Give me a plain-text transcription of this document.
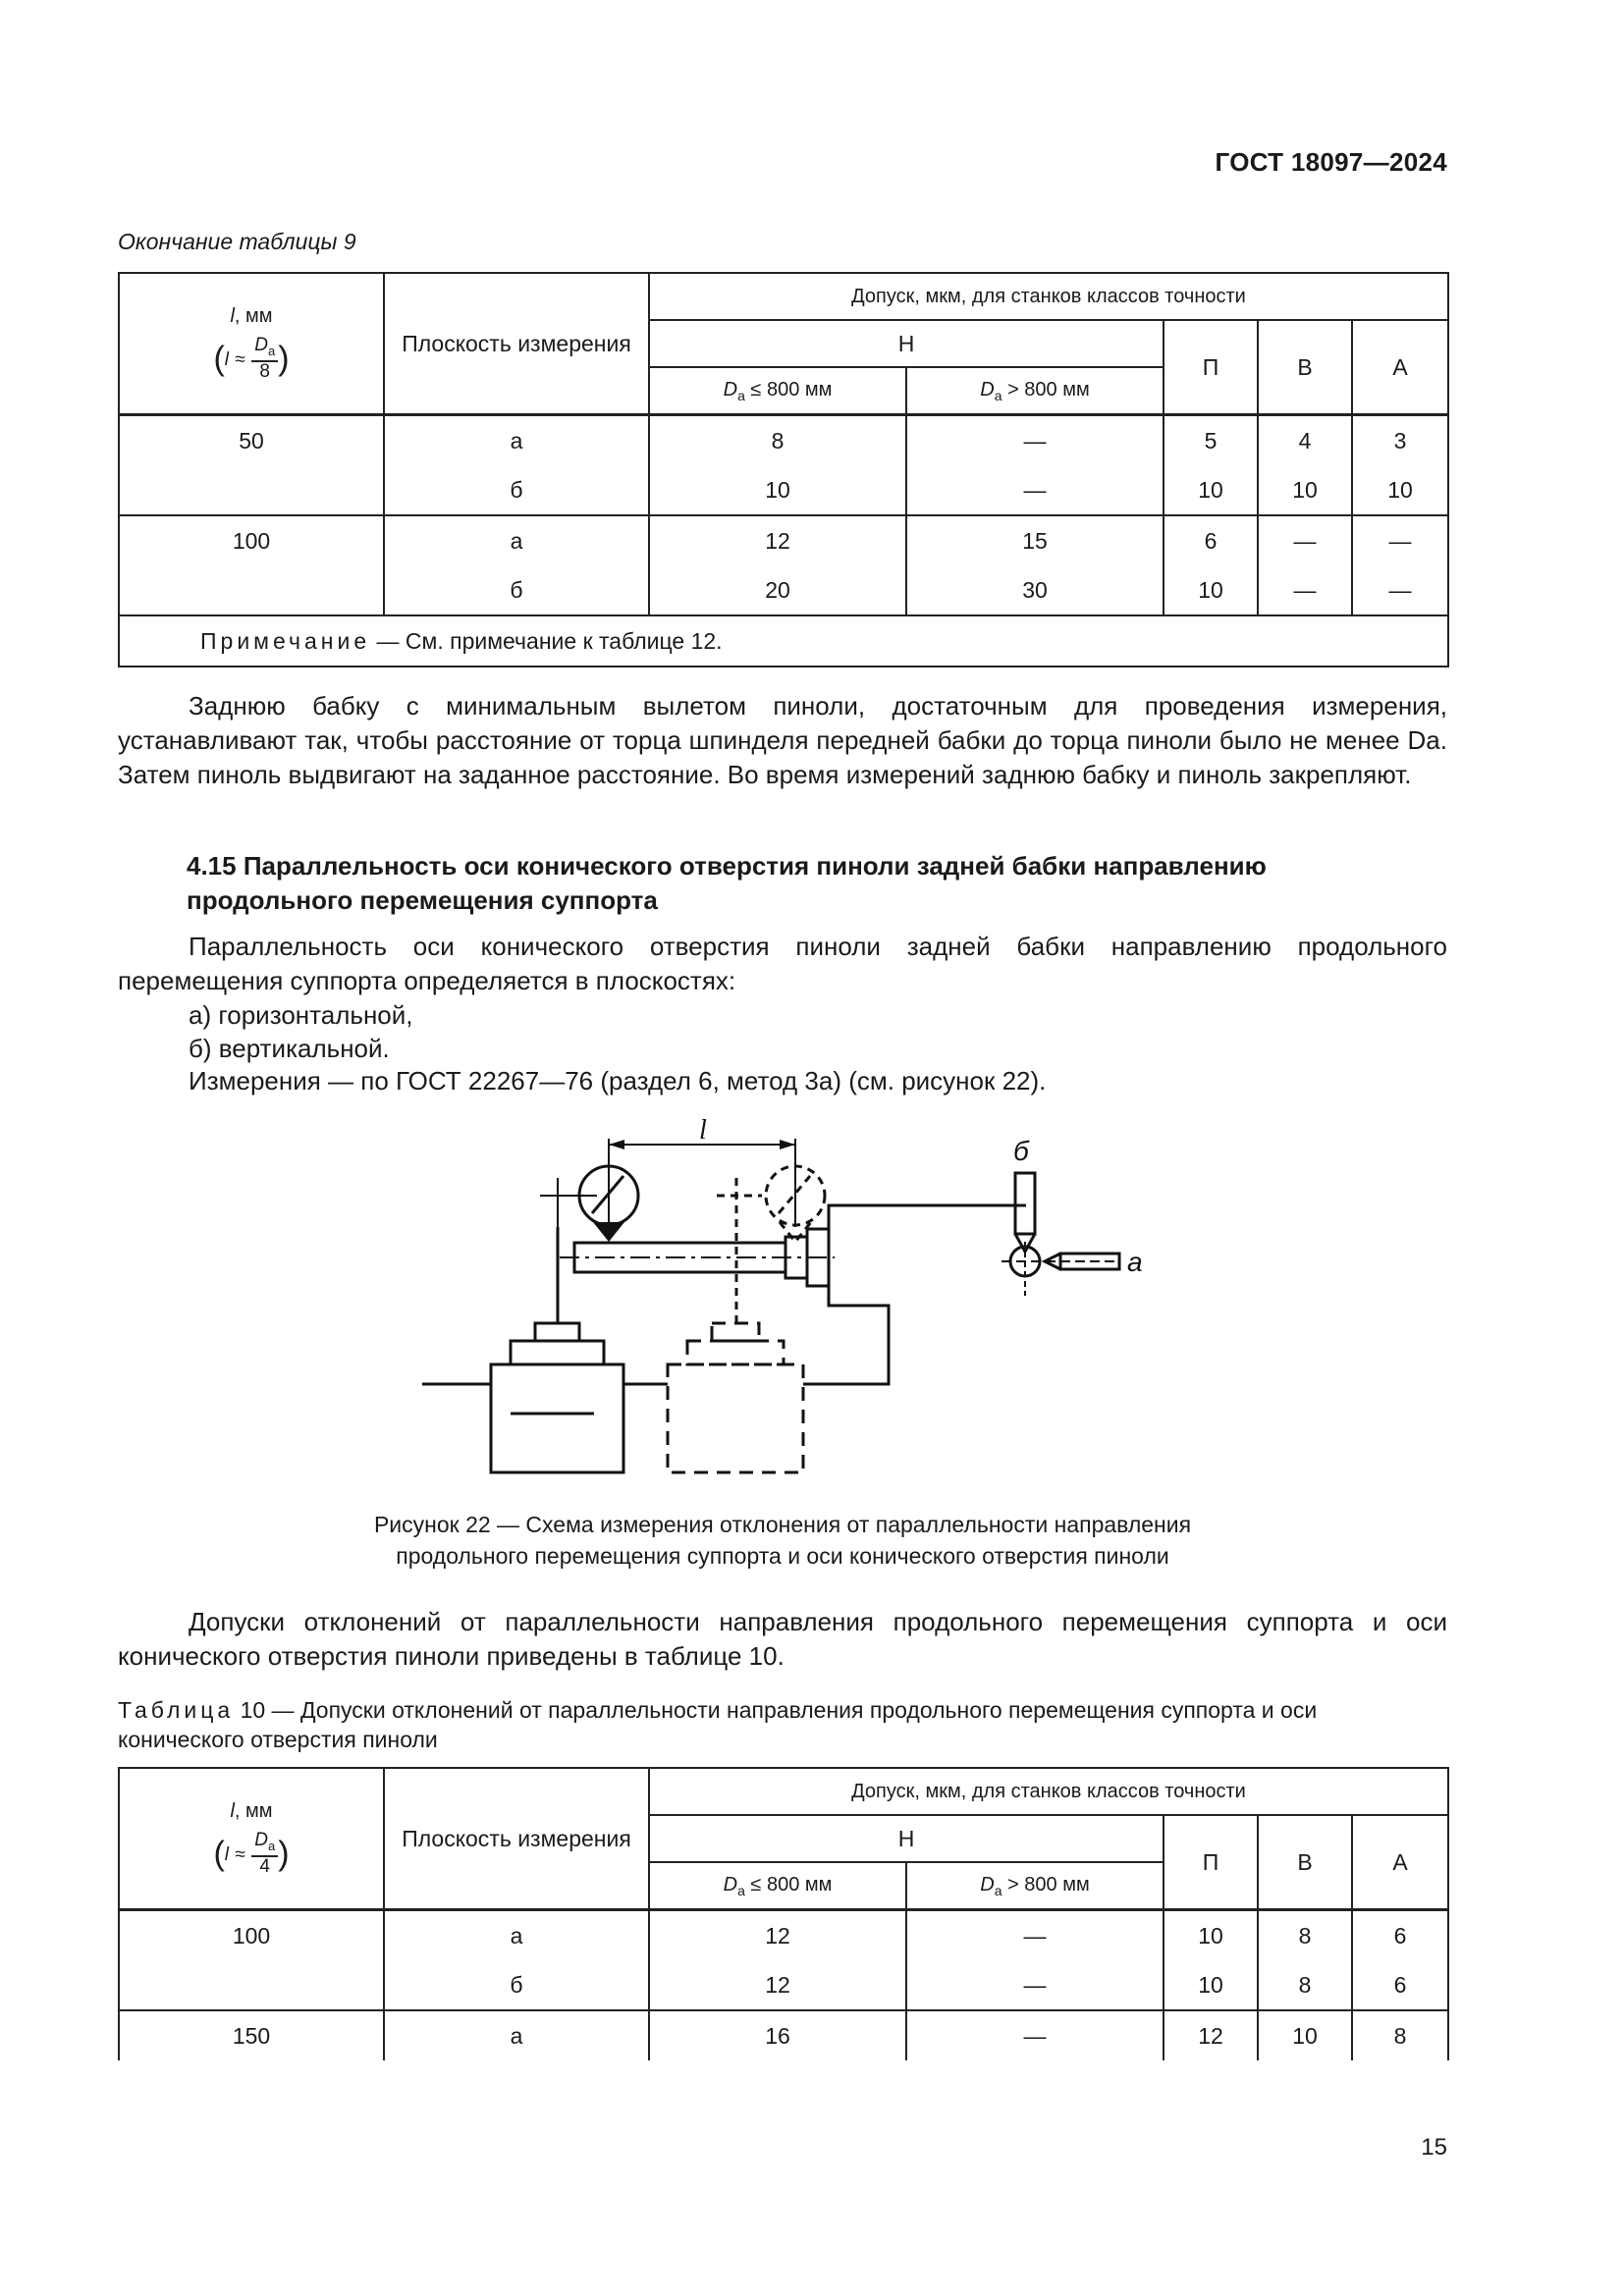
ГОСТ 18097—2024
Окончание таблицы 9
l, мм
($l \approx \frac{D_a}{8}$ )	Плоскость измерения	Допуск, мкм, для станков классов точности				
		Н		П	В	А
		$D_a \le 800$ мм	$D_a > 800$ мм			
50	а	8	—	5	4	3
	б	10	—	10	10	10
100	а	12	15	6	—	—
	б	20	30	10	—	—
Примечание — См. примечание к таблице 12.						
Заднюю бабку с минимальным вылетом пиноли, достаточным для проведения измерения, устанавливают так, чтобы расстояние от торца шпинделя передней бабки до торца пиноли было не менее Da. Затем пиноль выдвигают на заданное расстояние. Во время измерений заднюю бабку и пиноль закрепляют.
4.15 Параллельность оси конического отверстия пиноли задней бабки направлению продольного перемещения суппорта
Параллельность оси конического отверстия пиноли задней бабки направлению продольного перемещения суппорта определяется в плоскостях:
а) горизонтальной,
б) вертикальной.
Измерения — по ГОСТ 22267—76 (раздел 6, метод 3а) (см. рисунок 22).
l
б
а
Рисунок 22 — Схема измерения отклонения от параллельности направления
продольного перемещения суппорта и оси конического отверстия пиноли
Допуски отклонений от параллельности направления продольного перемещения суппорта и оси конического отверстия пиноли приведены в таблице 10.
Таблица 10 — Допуски отклонений от параллельности направления продольного перемещения суппорта и оси конического отверстия пиноли
l, мм
($l \approx \frac{D_a}{4}$ )	Плоскость измерения	Допуск, мкм, для станков классов точности				
		Н		П	В	А
		$D_a \le 800$ мм	$D_a > 800$ мм			
100	а	12	—	10	8	6
	б	12	—	10	8	6
150	а	16	—	12	10	8
15
